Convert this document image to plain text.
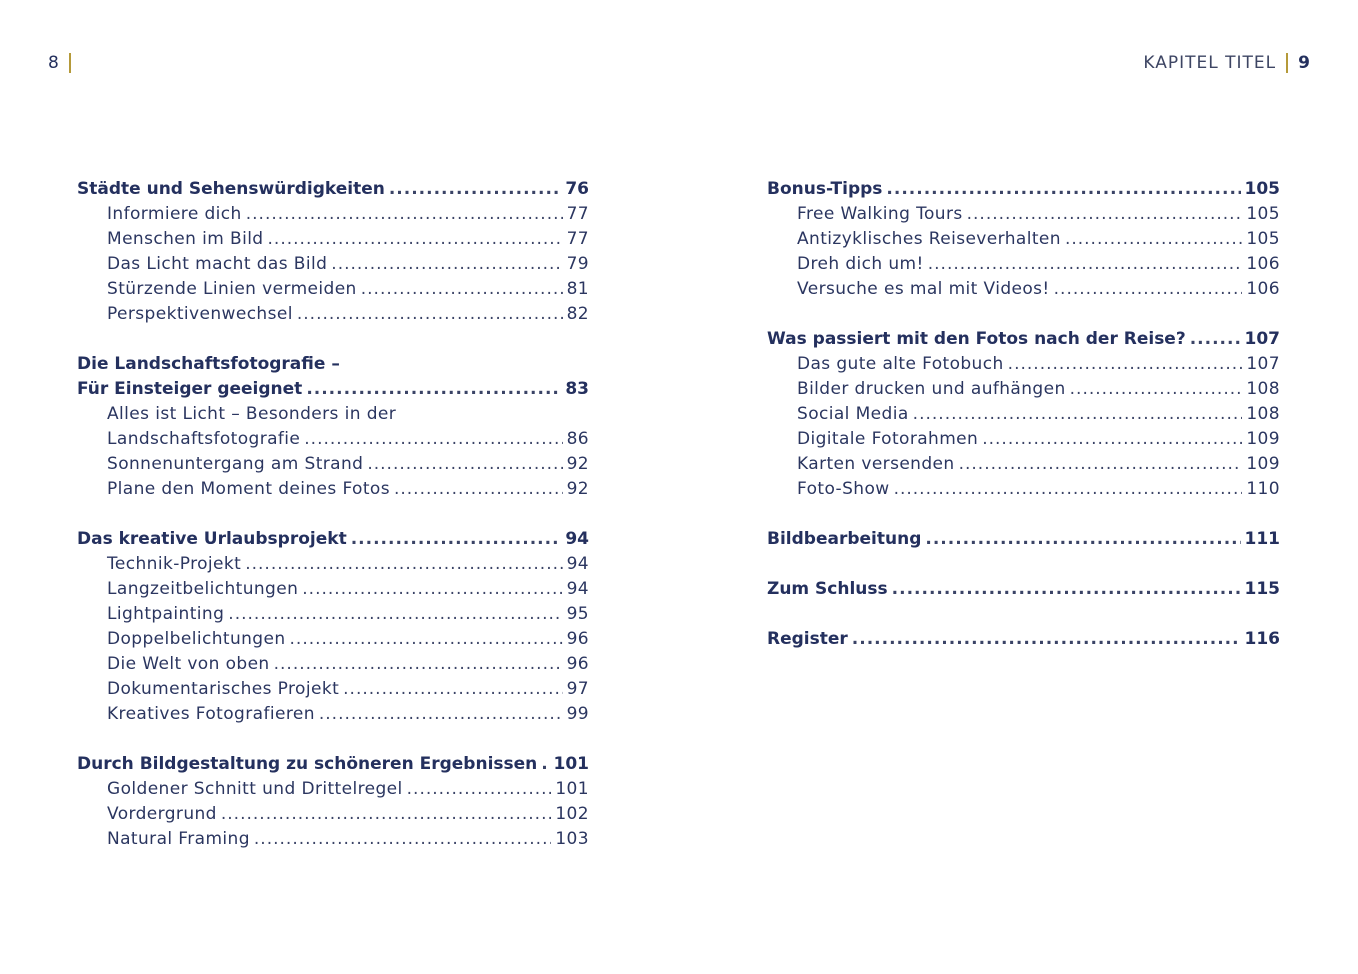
8	KAPITEL TITEL 9
Städte und Sehenswürdigkeiten .....	76
Informiere dich .....	77
Menschen im Bild .....	77
Das Licht macht das Bild .....	79
Stürzende Linien vermeiden .....	81
Perspektivenwechsel .....	82
Die Landschaftsfotografie –
Für Einsteiger geeignet .....	83
Alles ist Licht – Besonders in der
Landschaftsfotografie .....	86
Sonnenuntergang am Strand .....	92
Plane den Moment deines Fotos .....	92
Das kreative Urlaubsprojekt .....	94
Technik-Projekt .....	94
Langzeitbelichtungen .....	94
Lightpainting .....	95
Doppelbelichtungen .....	96
Die Welt von oben .....	96
Dokumentarisches Projekt .....	97
Kreatives Fotografieren .....	99
Durch Bildgestaltung zu schöneren Ergebnissen ..... 101
Goldener Schnitt und Drittelregel .....	101
Vordergrund .....	102
Natural Framing .....	103
Bonus-Tipps .....	105
Free Walking Tours .....	105
Antizyklisches Reiseverhalten .....	105
Dreh dich um! .....	106
Versuche es mal mit Videos! .....	106
Was passiert mit den Fotos nach der Reise? .....	107
Das gute alte Fotobuch .....	107
Bilder drucken und aufhängen .....	108
Social Media .....	108
Digitale Fotorahmen .....	109
Karten versenden .....	109
Foto-Show .....	110
Bildbearbeitung .....	111
Zum Schluss .....	115
Register .....	116
